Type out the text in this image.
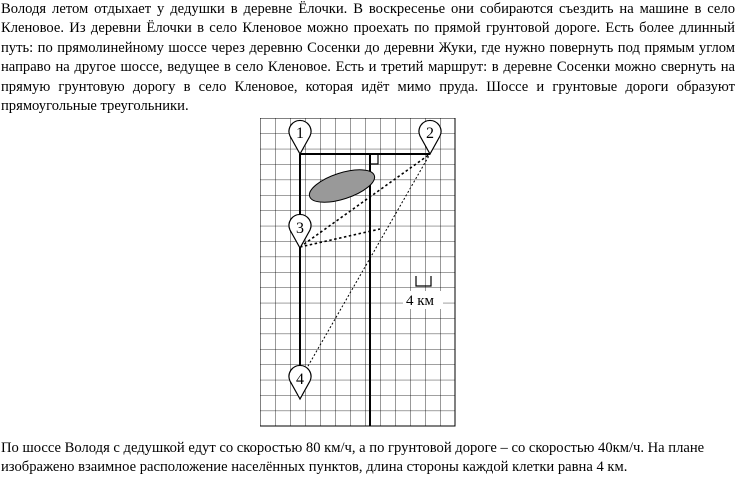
Володя летом отдыхает у дедушки в деревне Ёлочки. В воскресенье они собираются съездить на машине в село Кленовое. Из деревни Ёлочки в село Кленовое можно проехать по прямой грунтовой дороге. Есть более длинный путь: по прямолинейному шоссе через деревню Сосенки до деревни Жуки, где нужно повернуть под прямым углом направо на другое шоссе, ведущее в село Кленовое. Есть и третий маршрут: в деревне Сосенки можно свернуть на прямую грунтовую дорогу в село Кленовое, которая идёт мимо пруда. Шоссе и грунтовые дороги образуют прямоугольные треугольники.

1	2
3
4
4 км

По шоссе Володя с дедушкой едут со скоростью 80 км/ч, а по грунтовой дороге – со скоростью 40км/ч. На плане изображено взаимное расположение населённых пунктов, длина стороны каждой клетки равна 4 км.
